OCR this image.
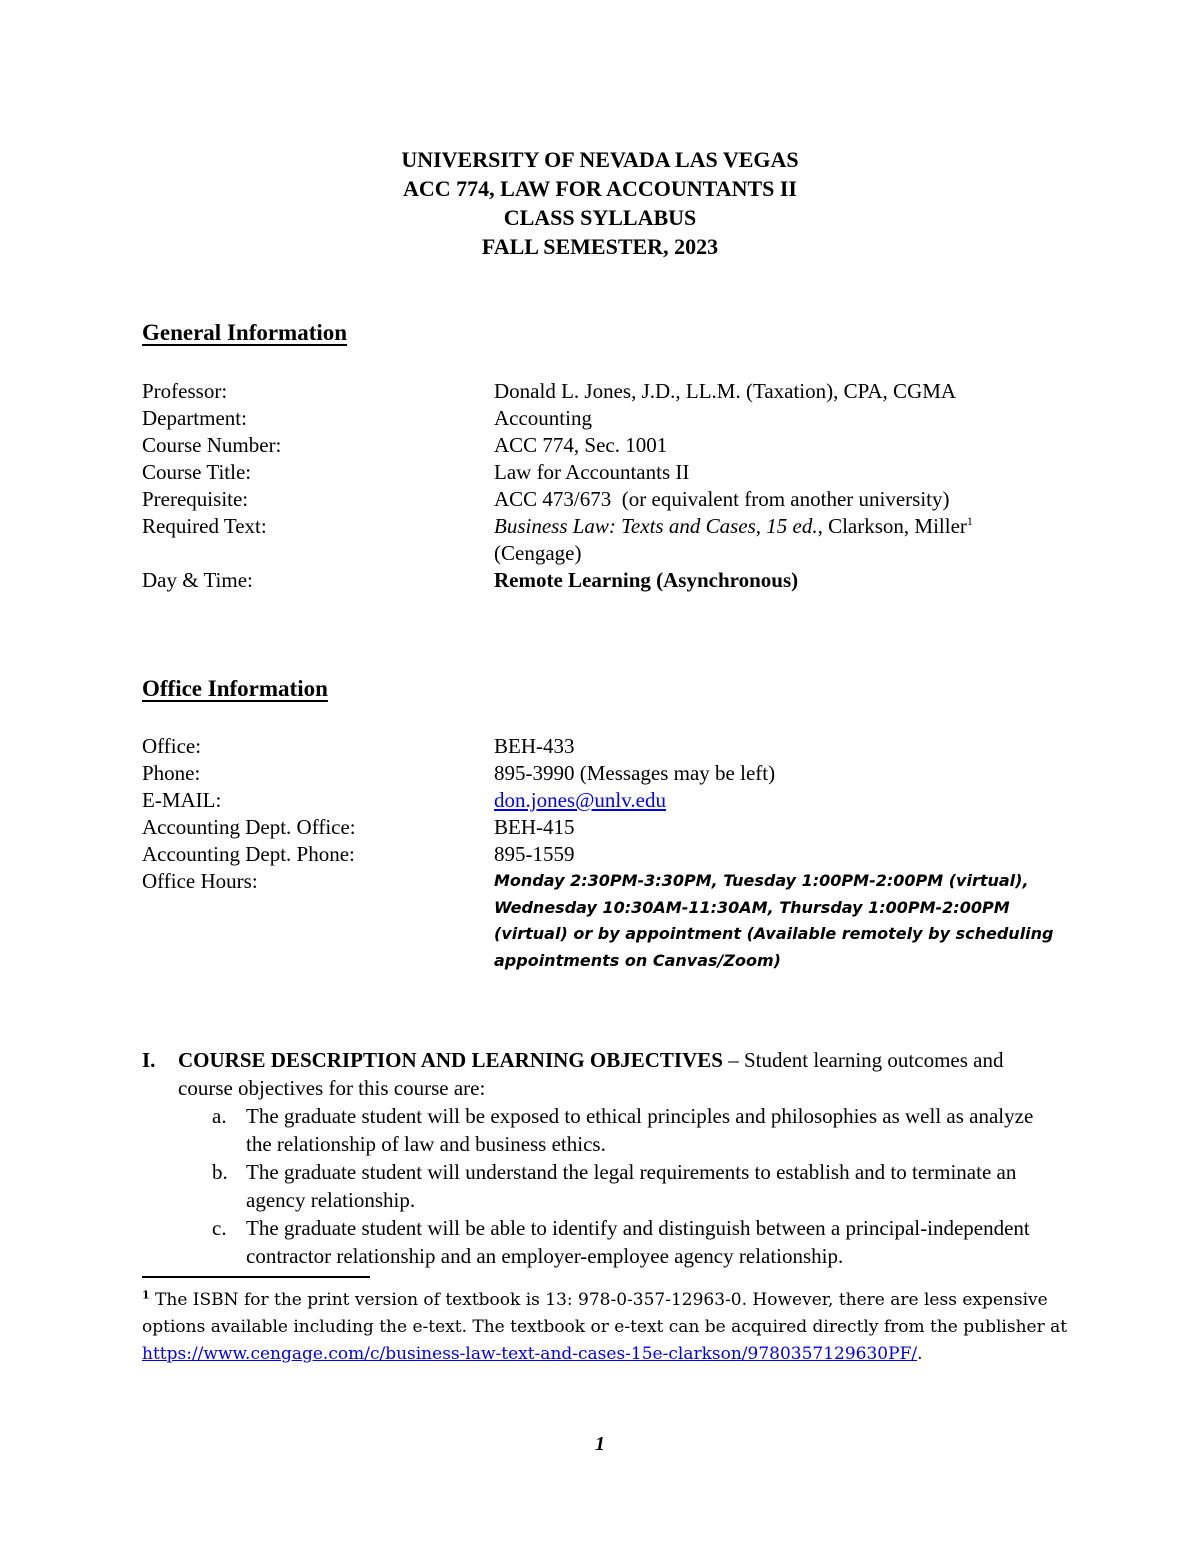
UNIVERSITY OF NEVADA LAS VEGAS
ACC 774, LAW FOR ACCOUNTANTS II
CLASS SYLLABUS
FALL SEMESTER, 2023
General Information
Professor:	Donald L. Jones, J.D., LL.M. (Taxation), CPA, CGMA
Department:	Accounting
Course Number:	ACC 774, Sec. 1001
Course Title:	Law for Accountants II
Prerequisite:	ACC 473/673  (or equivalent from another university)
Required Text:	Business Law: Texts and Cases, 15 ed., Clarkson, Miller$^1$
(Cengage)
Day & Time:	Remote Learning (Asynchronous)
Office Information
Office:	BEH-433
Phone:	895-3990 (Messages may be left)
E-MAIL:	don.jones@unlv.edu
Accounting Dept. Office:	BEH-415
Accounting Dept. Phone:	895-1559
Office Hours:	Monday 2:30PM-3:30PM, Tuesday 1:00PM-2:00PM (virtual), Wednesday 10:30AM-11:30AM, Thursday 1:00PM-2:00PM (virtual) or by appointment (Available remotely by scheduling appointments on Canvas/Zoom)
I. COURSE DESCRIPTION AND LEARNING OBJECTIVES – Student learning outcomes and course objectives for this course are:
a. The graduate student will be exposed to ethical principles and philosophies as well as analyze the relationship of law and business ethics.
b. The graduate student will understand the legal requirements to establish and to terminate an agency relationship.
c. The graduate student will be able to identify and distinguish between a principal-independent contractor relationship and an employer-employee agency relationship.
$^1$ The ISBN for the print version of textbook is 13: 978-0-357-12963-0. However, there are less expensive options available including the e-text. The textbook or e-text can be acquired directly from the publisher at https://www.cengage.com/c/business-law-text-and-cases-15e-clarkson/9780357129630PF/.
1
